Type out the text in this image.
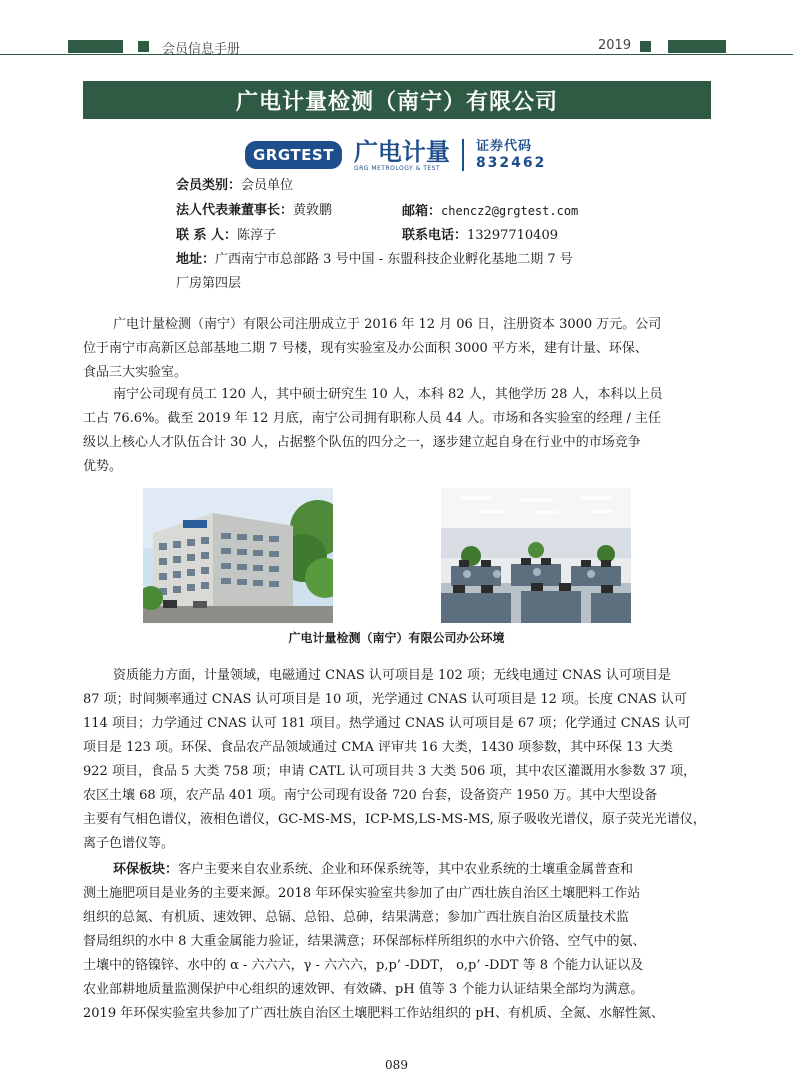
会员信息手册	2019
广电计量检测（南宁）有限公司
GRGTEST 广电计量
GRG METROLOGY & TEST
证券代码
832462
会员类别：会员单位
法人代表兼董事长：黄敦鹏	邮箱：chencz2@grgtest.com
联 系 人：陈淳子	联系电话：13297710409
地址：广西南宁市总部路 3 号中国 - 东盟科技企业孵化基地二期 7 号
厂房第四层
广电计量检测（南宁）有限公司注册成立于 2016 年 12 月 06 日，注册资本 3000 万元。公司
位于南宁市高新区总部基地二期 7 号楼，现有实验室及办公面积 3000 平方米，建有计量、环保、
食品三大实验室。
南宁公司现有员工 120 人，其中硕士研究生 10 人，本科 82 人，其他学历 28 人，本科以上员
工占 76.6%。截至 2019 年 12 月底，南宁公司拥有职称人员 44 人。市场和各实验室的经理 / 主任
级以上核心人才队伍合计 30 人，占据整个队伍的四分之一，逐步建立起自身在行业中的市场竞争
优势。
广电计量检测（南宁）有限公司办公环境
资质能力方面，计量领域，电磁通过 CNAS 认可项目是 102 项；无线电通过 CNAS 认可项目是
87 项；时间频率通过 CNAS 认可项目是 10 项，光学通过 CNAS 认可项目是 12 项。长度 CNAS 认可
114 项目；力学通过 CNAS 认可 181 项目。热学通过 CNAS 认可项目是 67 项；化学通过 CNAS 认可
项目是 123 项。环保、食品农产品领域通过 CMA 评审共 16 大类，1430 项参数，其中环保 13 大类
922 项目，食品 5 大类 758 项；申请 CATL 认可项目共 3 大类 506 项，其中农区灌溉用水参数 37 项，
农区土壤 68 项，农产品 401 项。南宁公司现有设备 720 台套，设备资产 1950 万。其中大型设备
主要有气相色谱仪，液相色谱仪，GC-MS-MS，ICP-MS,LS-MS-MS, 原子吸收光谱仪，原子荧光光谱仪，
离子色谱仪等。
环保板块：客户主要来自农业系统、企业和环保系统等，其中农业系统的土壤重金属普查和
测土施肥项目是业务的主要来源。2018 年环保实验室共参加了由广西壮族自治区土壤肥料工作站
组织的总氮、有机质、速效钾、总镉、总铅、总砷，结果满意；参加广西壮族自治区质量技术监
督局组织的水中 8 大重金属能力验证，结果满意；环保部标样所组织的水中六价铬、空气中的氨、
土壤中的铬镍锌、水中的 α - 六六六，γ - 六六六，p,p’ -DDT， o,p’ -DDT 等 8 个能力认证以及
农业部耕地质量监测保护中心组织的速效钾、有效磷、pH 值等 3 个能力认证结果全部均为满意。
2019 年环保实验室共参加了广西壮族自治区土壤肥料工作站组织的 pH、有机质、全氮、水解性氮、
089
